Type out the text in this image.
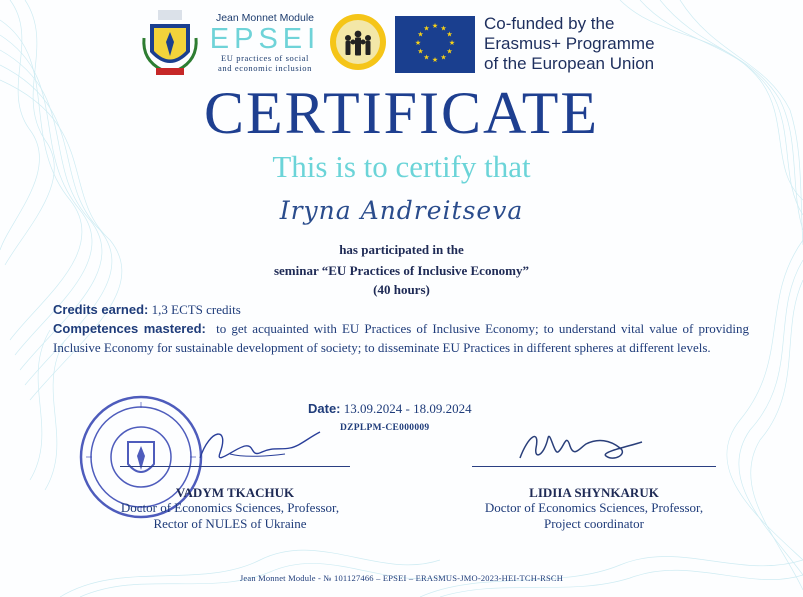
Jean Monnet Module
EPSEI
EU practices of social
and economic inclusion
★ ★
★
★
★
★
★
★
★
★
★
★	Co-funded by the
Erasmus+ Programme
of the European Union
CERTIFICATE
This is to certify that
Iryna Andreitseva
has participated in the
seminar “EU Practices of Inclusive Economy”
(40 hours)
Credits earned: 1,3 ECTS credits
Competences mastered: to get acquainted with EU Practices of Inclusive Economy; to understand vital value of providing Inclusive Economy for sustainable development of society; to disseminate EU Practices in different spheres at different levels.
Date: 13.09.2024 - 18.09.2024
DZPLPM-CE000009
VADYM TKACHUK
Doctor of Economics Sciences, Professor,
Rector of NULES of Ukraine
LIDIIA SHYNKARUK
Doctor of Economics Sciences, Professor,
Project coordinator
Jean Monnet Module - № 101127466 – EPSEI – ERASMUS-JMO-2023-HEI-TCH-RSCH
